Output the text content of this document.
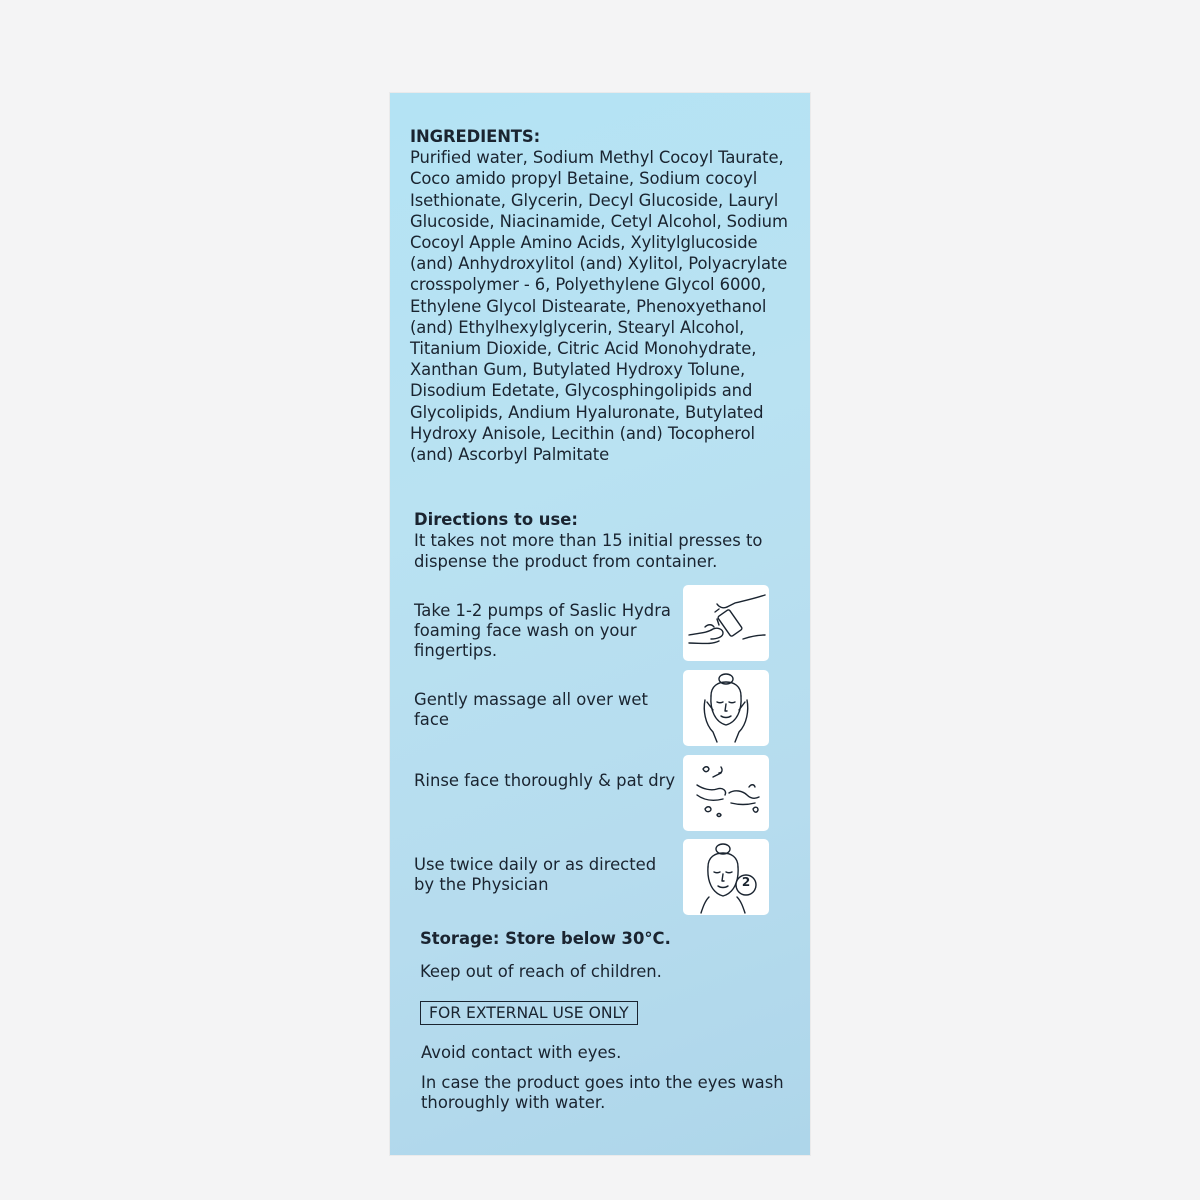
INGREDIENTS:
Purified water, Sodium Methyl Cocoyl Taurate, Coco amido propyl Betaine, Sodium cocoyl Isethionate, Glycerin, Decyl Glucoside, Lauryl Glucoside, Niacinamide, Cetyl Alcohol, Sodium Cocoyl Apple Amino Acids, Xylitylglucoside (and) Anhydroxylitol (and) Xylitol, Polyacrylate crosspolymer - 6, Polyethylene Glycol 6000, Ethylene Glycol Distearate, Phenoxyethanol (and) Ethylhexylglycerin, Stearyl Alcohol, Titanium Dioxide, Citric Acid Monohydrate, Xanthan Gum, Butylated Hydroxy Tolune, Disodium Edetate, Glycosphingolipids and Glycolipids, Andium Hyaluronate, Butylated Hydroxy Anisole, Lecithin (and) Tocopherol (and) Ascorbyl Palmitate
Directions to use:
It takes not more than 15 initial presses to dispense the product from container.
Take 1-2 pumps of Saslic Hydra foaming face wash on your fingertips.
Gently massage all over wet face
Rinse face thoroughly & pat dry
Use twice daily or as directed by the Physician	2
Storage: Store below 30°C.
Keep out of reach of children.
FOR EXTERNAL USE ONLY
Avoid contact with eyes.
In case the product goes into the eyes wash thoroughly with water.
